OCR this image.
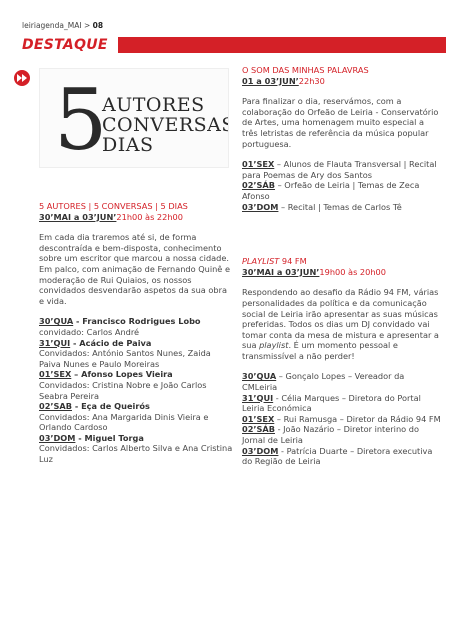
leiriagenda_MAI > 08
DESTAQUE
5
AUTORES
CONVERSAS
DIAS

5 AUTORES | 5 CONVERSAS | 5 DIAS

30’MAI a 03’JUN’21h00 às 22h00

Em cada dia traremos até si, de forma descontraída e bem-disposta, conhecimento sobre um escritor que marcou a nossa cidade.

Em palco, com animação de Fernando Quinê e moderação de Rui Quiaios, os nossos convidados desvendarão aspetos da sua obra e vida.

30’QUA - Francisco Rodrigues Lobo

convidado: Carlos André

31’QUI - Acácio de Paiva

Convidados: António Santos Nunes, Zaida Paiva Nunes e Paulo Moreiras

01’SEX – Afonso Lopes Vieira

Convidados: Cristina Nobre e João Carlos Seabra Pereira

02’SAB - Eça de Queirós

Convidados: Ana Margarida Dinis Vieira e Orlando Cardoso

03’DOM - Miguel Torga

Convidados: Carlos Alberto Silva e Ana Cristina Luz

O SOM DAS MINHAS PALAVRAS

01 a 03’JUN’22h30

Para finalizar o dia, reservámos, com a colaboração do Orfeão de Leiria - Conservatório de Artes, uma homenagem muito especial a três letristas de referência da música popular portuguesa.

01’SEX – Alunos de Flauta Transversal | Recital para Poemas de Ary dos Santos

02’SÁB – Orfeão de Leiria | Temas de Zeca Afonso

03’DOM – Recital | Temas de Carlos Tê

PLAYLIST 94 FM

30’MAI a 03’JUN’19h00 às 20h00

Respondendo ao desafio da Rádio 94 FM, várias personalidades da política e da comunicação social de Leiria irão apresentar as suas músicas preferidas. Todos os dias um DJ convidado vai tomar conta da mesa de mistura e apresentar a sua playlist. É um momento pessoal e transmissível a não perder!

30’QUA – Gonçalo Lopes – Vereador da CMLeiria

31’QUI - Célia Marques – Diretora do Portal Leiria Económica

01’SEX – Rui Ramusga – Diretor da Rádio 94 FM

02’SÁB - João Nazário – Diretor interino do Jornal de Leiria

03’DOM - Patrícia Duarte – Diretora executiva do Região de Leiria
